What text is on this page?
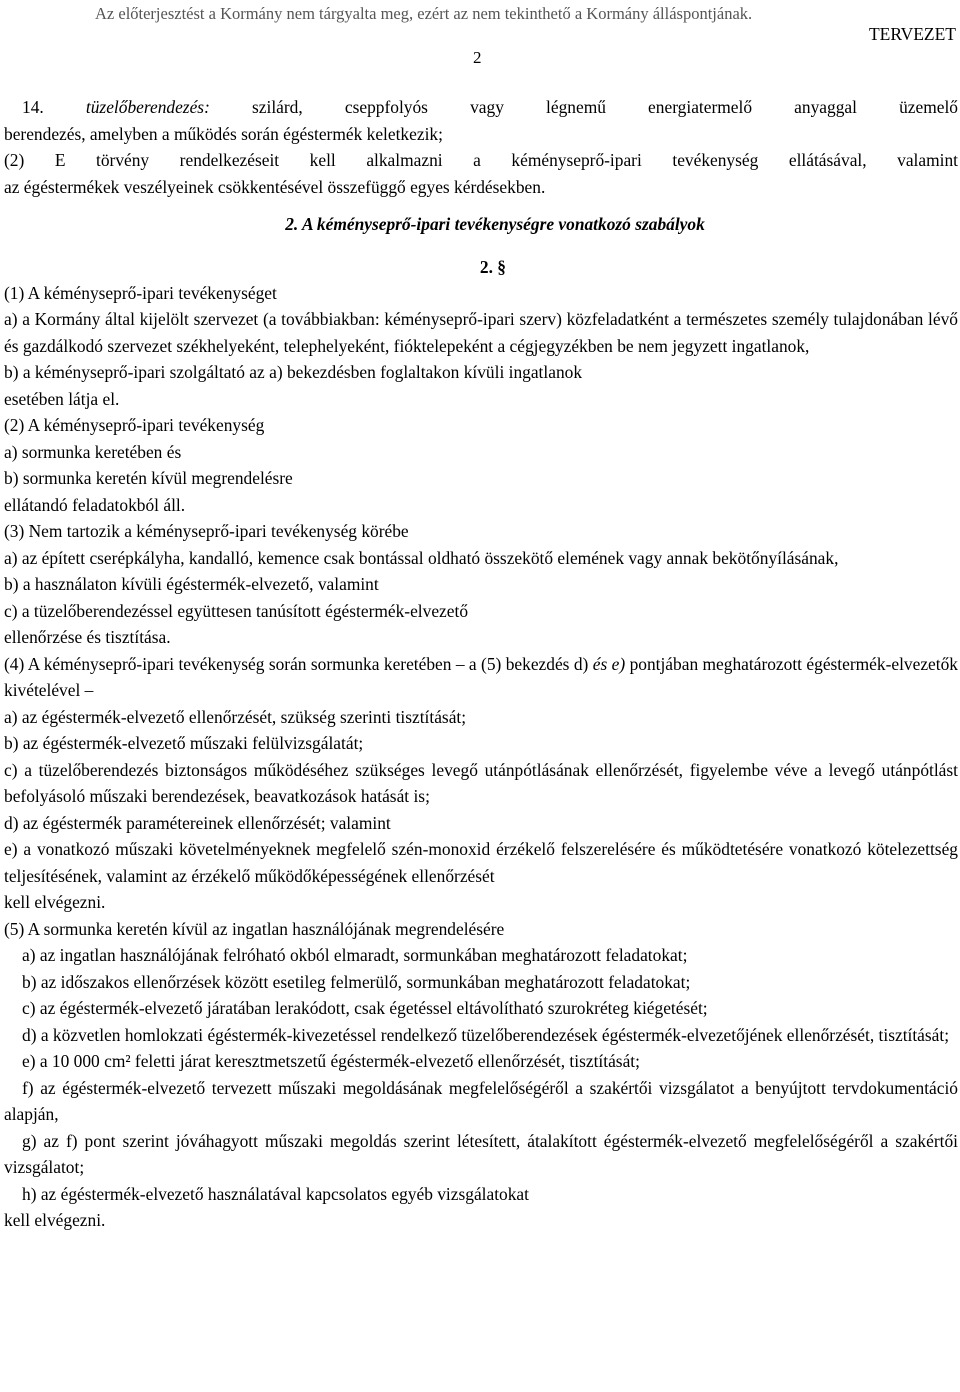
Az előterjesztést a Kormány nem tárgyalta meg, ezért az nem tekinthető a Kormány álláspontjának.
TERVEZET
2

14. tüzelőberendezés: szilárd, cseppfolyós vagy légnemű energiatermelő anyaggal üzemelő

berendezés, amelyben a működés során égéstermék keletkezik;

(2) E törvény rendelkezéseit kell alkalmazni a kéményseprő-ipari tevékenység ellátásával, valamint

az égéstermékek veszélyeinek csökkentésével összefüggő egyes kérdésekben.

2. A kéményseprő-ipari tevékenységre vonatkozó szabályok

2. §

(1) A kéményseprő-ipari tevékenységet

a) a Kormány által kijelölt szervezet (a továbbiakban: kéményseprő-ipari szerv) közfeladatként a természetes személy tulajdonában lévő és gazdálkodó szervezet székhelyeként, telephelyeként, fióktelepeként a cégjegyzékben be nem jegyzett ingatlanok,

b) a kéményseprő-ipari szolgáltató az a) bekezdésben foglaltakon kívüli ingatlanok

esetében látja el.

(2) A kéményseprő-ipari tevékenység

a) sormunka keretében és

b) sormunka keretén kívül megrendelésre

ellátandó feladatokból áll.

(3) Nem tartozik a kéményseprő-ipari tevékenység körébe

a) az épített cserépkályha, kandalló, kemence csak bontással oldható összekötő elemének vagy annak bekötőnyílásának,

b) a használaton kívüli égéstermék-elvezető, valamint

c) a tüzelőberendezéssel együttesen tanúsított égéstermék-elvezető

ellenőrzése és tisztítása.

(4) A kéményseprő-ipari tevékenység során sormunka keretében – a (5) bekezdés d) és e) pontjában meghatározott égéstermék-elvezetők kivételével –

a) az égéstermék-elvezető ellenőrzését, szükség szerinti tisztítását;

b) az égéstermék-elvezető műszaki felülvizsgálatát;

c) a tüzelőberendezés biztonságos működéséhez szükséges levegő utánpótlásának ellenőrzését, figyelembe véve a levegő utánpótlást befolyásoló műszaki berendezések, beavatkozások hatását is;

d) az égéstermék paramétereinek ellenőrzését; valamint

e) a vonatkozó műszaki követelményeknek megfelelő szén-monoxid érzékelő felszerelésére és működtetésére vonatkozó kötelezettség teljesítésének, valamint az érzékelő működőképességének ellenőrzését

kell elvégezni.

(5) A sormunka keretén kívül az ingatlan használójának megrendelésére

a) az ingatlan használójának felróható okból elmaradt, sormunkában meghatározott feladatokat;

b) az időszakos ellenőrzések között esetileg felmerülő, sormunkában meghatározott feladatokat;

c) az égéstermék-elvezető járatában lerakódott, csak égetéssel eltávolítható szurokréteg kiégetését;

d) a közvetlen homlokzati égéstermék-kivezetéssel rendelkező tüzelőberendezések égéstermék-elvezetőjének ellenőrzését, tisztítását;

e) a 10 000 cm² feletti járat keresztmetszetű égéstermék-elvezető ellenőrzését, tisztítását;

f) az égéstermék-elvezető tervezett műszaki megoldásának megfelelőségéről a szakértői vizsgálatot a benyújtott tervdokumentáció alapján,

g) az f) pont szerint jóváhagyott műszaki megoldás szerint létesített, átalakított égéstermék-elvezető megfelelőségéről a szakértői vizsgálatot;

h) az égéstermék-elvezető használatával kapcsolatos egyéb vizsgálatokat

kell elvégezni.
